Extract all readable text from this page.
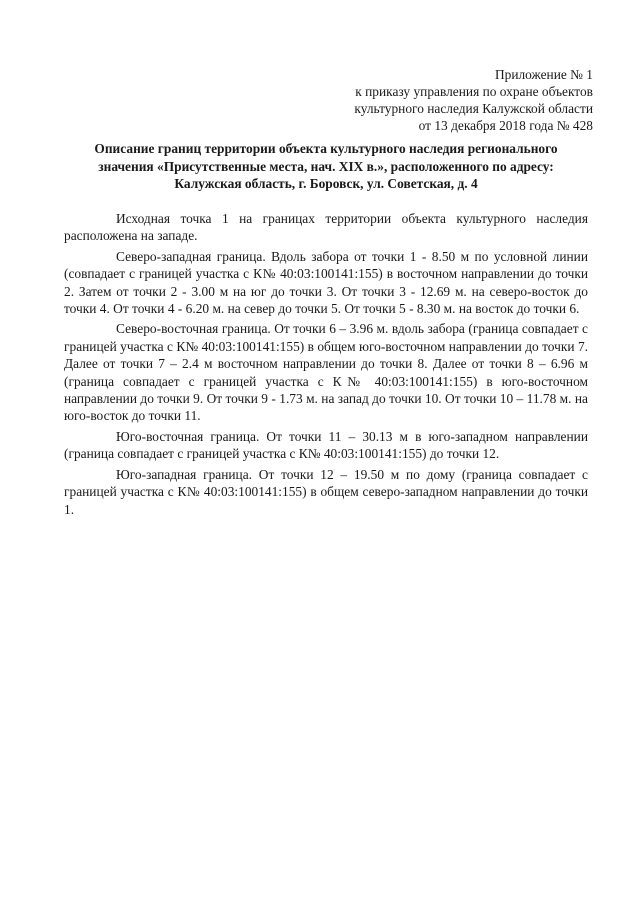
Приложение № 1
к приказу управления по охране объектов
культурного наследия Калужской области
от 13 декабря 2018 года № 428
Описание границ территории объекта культурного наследия регионального
значения «Присутственные места, нач. XIX в.», расположенного по адресу:
Калужская область, г. Боровск, ул. Советская, д. 4

Исходная точка 1 на границах территории объекта культурного наследия расположена на западе.

Северо-западная граница. Вдоль забора от точки 1 - 8.50 м по условной линии (совпадает с границей участка с К№ 40:03:100141:155) в восточном направлении до точки 2. Затем от точки 2 - 3.00 м на юг до точки 3. От точки 3 - 12.69 м. на северо-восток до точки 4. От точки 4 - 6.20 м. на север до точки 5. От точки 5 - 8.30 м. на восток до точки 6.

Северо-восточная граница. От точки 6 – 3.96 м. вдоль забора (граница совпадает с границей участка с К№ 40:03:100141:155) в общем юго-восточном направлении до точки 7. Далее от точки 7 – 2.4 м восточном направлении до точки 8. Далее от точки 8 – 6.96 м (граница совпадает с границей участка с К№ 40:03:100141:155) в юго-восточном направлении до точки 9. От точки 9 - 1.73 м. на запад до точки 10. От точки 10 – 11.78 м. на юго-восток до точки 11.

Юго-восточная граница. От точки 11 – 30.13 м в юго-западном направлении (граница совпадает с границей участка с К№ 40:03:100141:155) до точки 12.

Юго-западная граница. От точки 12 – 19.50 м по дому (граница совпадает с границей участка с К№ 40:03:100141:155) в общем северо-западном направлении до точки 1.
